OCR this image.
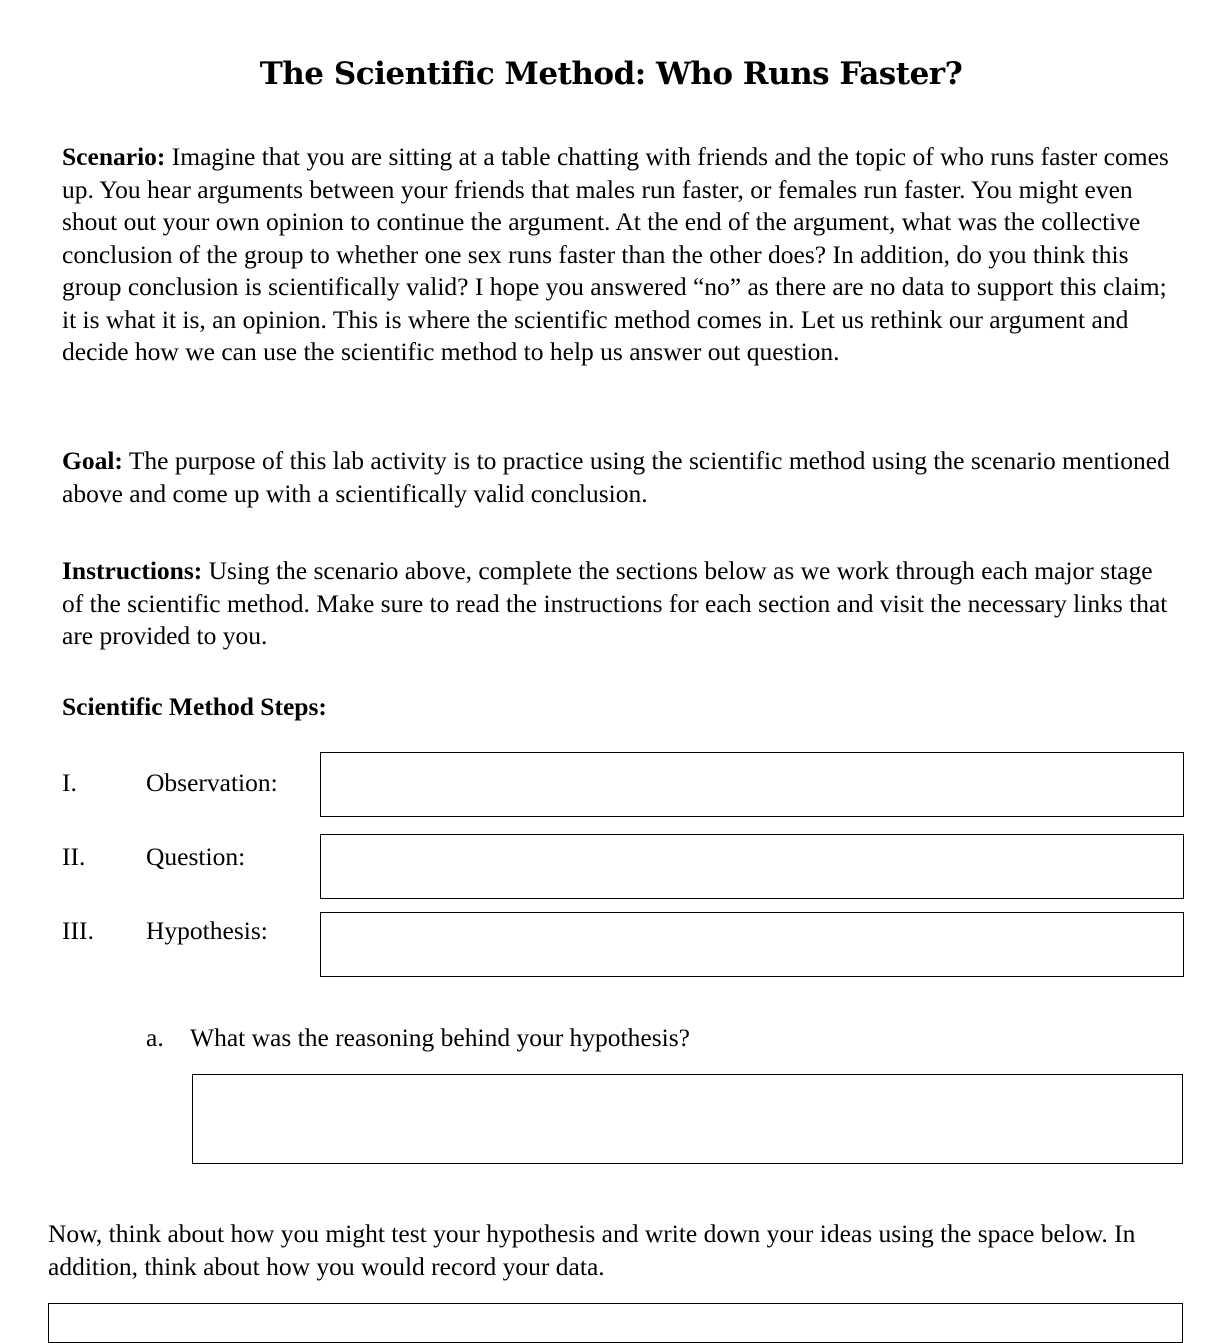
The Scientific Method: Who Runs Faster?

Scenario: Imagine that you are sitting at a table chatting with friends and the topic of who runs faster comes up. You hear arguments between your friends that males run faster, or females run faster. You might even shout out your own opinion to continue the argument. At the end of the argument, what was the collective conclusion of the group to whether one sex runs faster than the other does? In addition, do you think this group conclusion is scientifically valid? I hope you answered “no” as there are no data to support this claim; it is what it is, an opinion. This is where the scientific method comes in. Let us rethink our argument and decide how we can use the scientific method to help us answer out question.

Goal: The purpose of this lab activity is to practice using the scientific method using the scenario mentioned above and come up with a scientifically valid conclusion.

Instructions: Using the scenario above, complete the sections below as we work through each major stage of the scientific method. Make sure to read the instructions for each section and visit the necessary links that are provided to you.

Scientific Method Steps:

I.	Observation:
II. Question:
III. Hypothesis:
a. What was the reasoning behind your hypothesis?

Now, think about how you might test your hypothesis and write down your ideas using the space below. In addition, think about how you would record your data.
